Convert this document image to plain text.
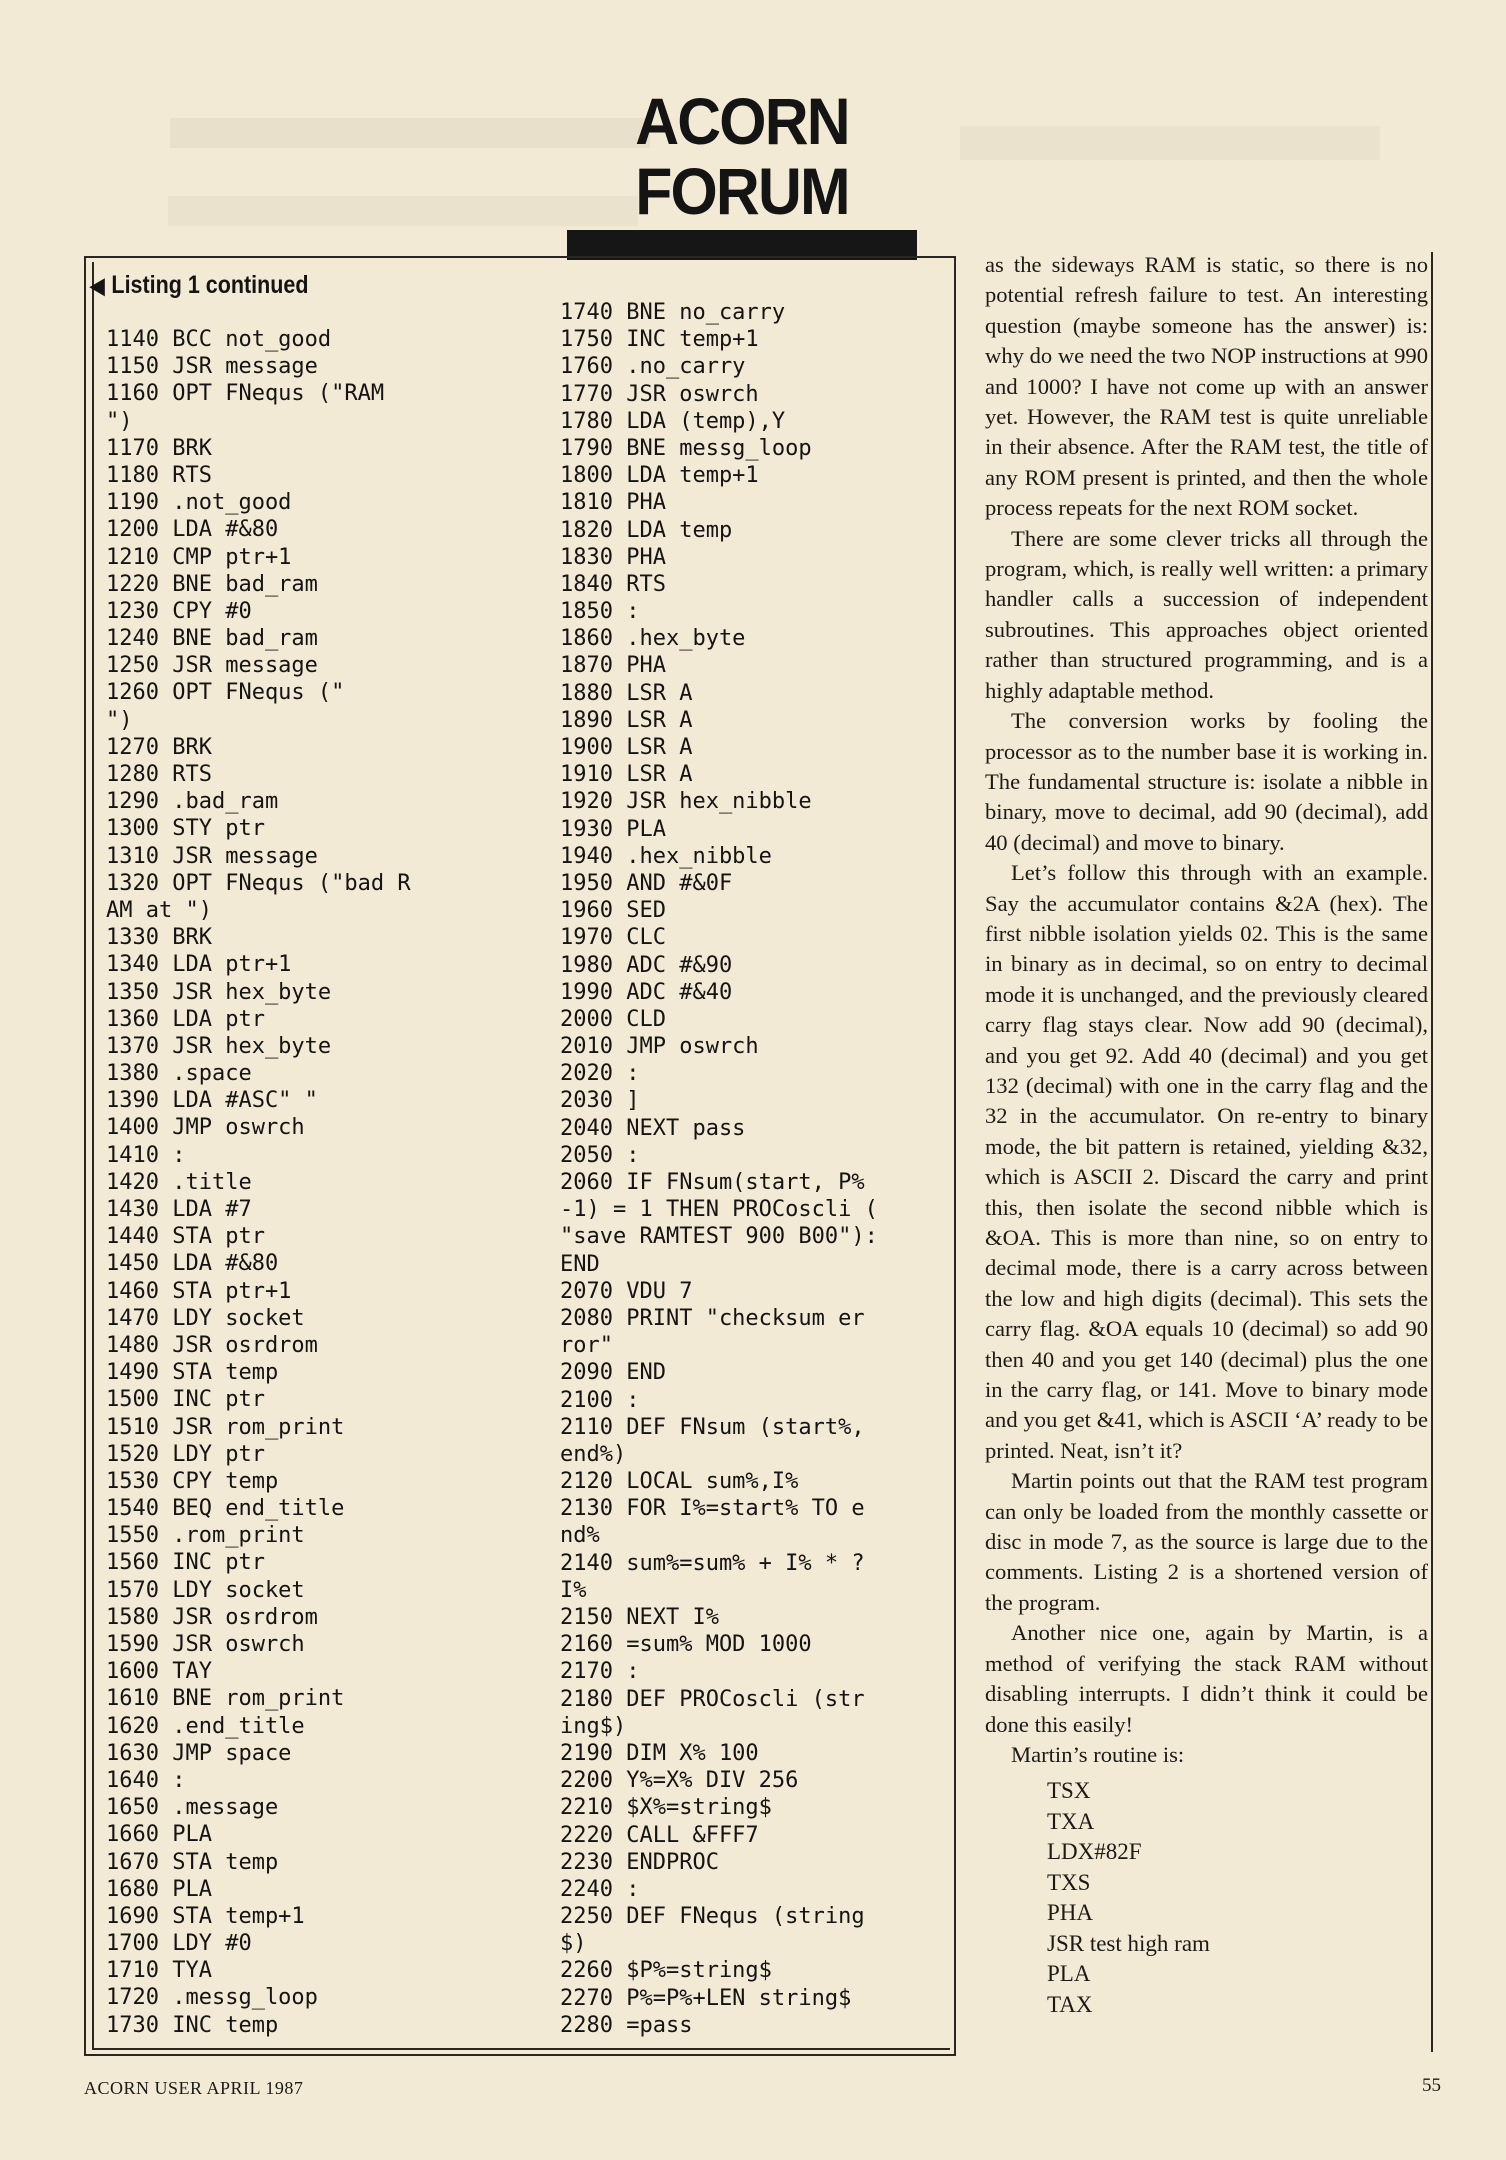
ACORN FORUM
◀ Listing 1 continued
1140 BCC not_good
1150 JSR message
1160 OPT FNequs ("RAM
")
1170 BRK
1180 RTS
1190 .not_good
1200 LDA #&80
1210 CMP ptr+1
1220 BNE bad_ram
1230 CPY #0
1240 BNE bad_ram
1250 JSR message
1260 OPT FNequs ("
")
1270 BRK
1280 RTS
1290 .bad_ram
1300 STY ptr
1310 JSR message
1320 OPT FNequs ("bad R
AM at ")
1330 BRK
1340 LDA ptr+1
1350 JSR hex_byte
1360 LDA ptr
1370 JSR hex_byte
1380 .space
1390 LDA #ASC" "
1400 JMP oswrch
1410 :
1420 .title
1430 LDA #7
1440 STA ptr
1450 LDA #&80
1460 STA ptr+1
1470 LDY socket
1480 JSR osrdrom
1490 STA temp
1500 INC ptr
1510 JSR rom_print
1520 LDY ptr
1530 CPY temp
1540 BEQ end_title
1550 .rom_print
1560 INC ptr
1570 LDY socket
1580 JSR osrdrom
1590 JSR oswrch
1600 TAY
1610 BNE rom_print
1620 .end_title
1630 JMP space
1640 :
1650 .message
1660 PLA
1670 STA temp
1680 PLA
1690 STA temp+1
1700 LDY #0
1710 TYA
1720 .messg_loop
1730 INC temp
1740 BNE no_carry
1750 INC temp+1
1760 .no_carry
1770 JSR oswrch
1780 LDA (temp),Y
1790 BNE messg_loop
1800 LDA temp+1
1810 PHA
1820 LDA temp
1830 PHA
1840 RTS
1850 :
1860 .hex_byte
1870 PHA
1880 LSR A
1890 LSR A
1900 LSR A
1910 LSR A
1920 JSR hex_nibble
1930 PLA
1940 .hex_nibble
1950 AND #&0F
1960 SED
1970 CLC
1980 ADC #&90
1990 ADC #&40
2000 CLD
2010 JMP oswrch
2020 :
2030 ]
2040 NEXT pass
2050 :
2060 IF FNsum(start, P%
-1) = 1 THEN PROCoscli (
"save RAMTEST 900 B00"):
END
2070 VDU 7
2080 PRINT "checksum er
ror"
2090 END
2100 :
2110 DEF FNsum (start%,
end%)
2120 LOCAL sum%,I%
2130 FOR I%=start% TO e
nd%
2140 sum%=sum% + I% * ?
I%
2150 NEXT I%
2160 =sum% MOD 1000
2170 :
2180 DEF PROCoscli (str
ing$)
2190 DIM X% 100
2200 Y%=X% DIV 256
2210 $X%=string$
2220 CALL &FFF7
2230 ENDPROC
2240 :
2250 DEF FNequs (string
$)
2260 $P%=string$
2270 P%=P%+LEN string$
2280 =pass

as the sideways RAM is static, so there is no potential refresh failure to test. An interesting question (maybe someone has the answer) is: why do we need the two NOP instructions at 990 and 1000? I have not come up with an answer yet. However, the RAM test is quite unreliable in their absence. After the RAM test, the title of any ROM present is printed, and then the whole process repeats for the next ROM socket.

There are some clever tricks all through the program, which, is really well written: a primary handler calls a succession of independent subroutines. This approaches object oriented rather than structured programming, and is a highly adaptable method.

The conversion works by fooling the processor as to the number base it is working in. The fundamental structure is: isolate a nibble in binary, move to decimal, add 90 (decimal), add 40 (decimal) and move to binary.

Let’s follow this through with an example. Say the accumulator contains &2A (hex). The first nibble isolation yields 02. This is the same in binary as in decimal, so on entry to decimal mode it is unchanged, and the previously cleared carry flag stays clear. Now add 90 (decimal), and you get 92. Add 40 (decimal) and you get 132 (decimal) with one in the carry flag and the 32 in the accumulator. On re-entry to binary mode, the bit pattern is retained, yielding &32, which is ASCII 2. Discard the carry and print this, then isolate the second nibble which is &OA. This is more than nine, so on entry to decimal mode, there is a carry across between the low and high digits (decimal). This sets the carry flag. &OA equals 10 (decimal) so add 90 then 40 and you get 140 (decimal) plus the one in the carry flag, or 141. Move to binary mode and you get &41, which is ASCII ‘A’ ready to be printed. Neat, isn’t it?

Martin points out that the RAM test program can only be loaded from the monthly cassette or disc in mode 7, as the source is large due to the comments. Listing 2 is a shortened version of the program.

Another nice one, again by Martin, is a method of verifying the stack RAM without disabling interrupts. I didn’t think it could be done this easily!

Martin’s routine is:

TSX
TXA
LDX#82F
TXS
PHA
JSR test high ram
PLA
TAX
ACORN USER APRIL 1987	55
